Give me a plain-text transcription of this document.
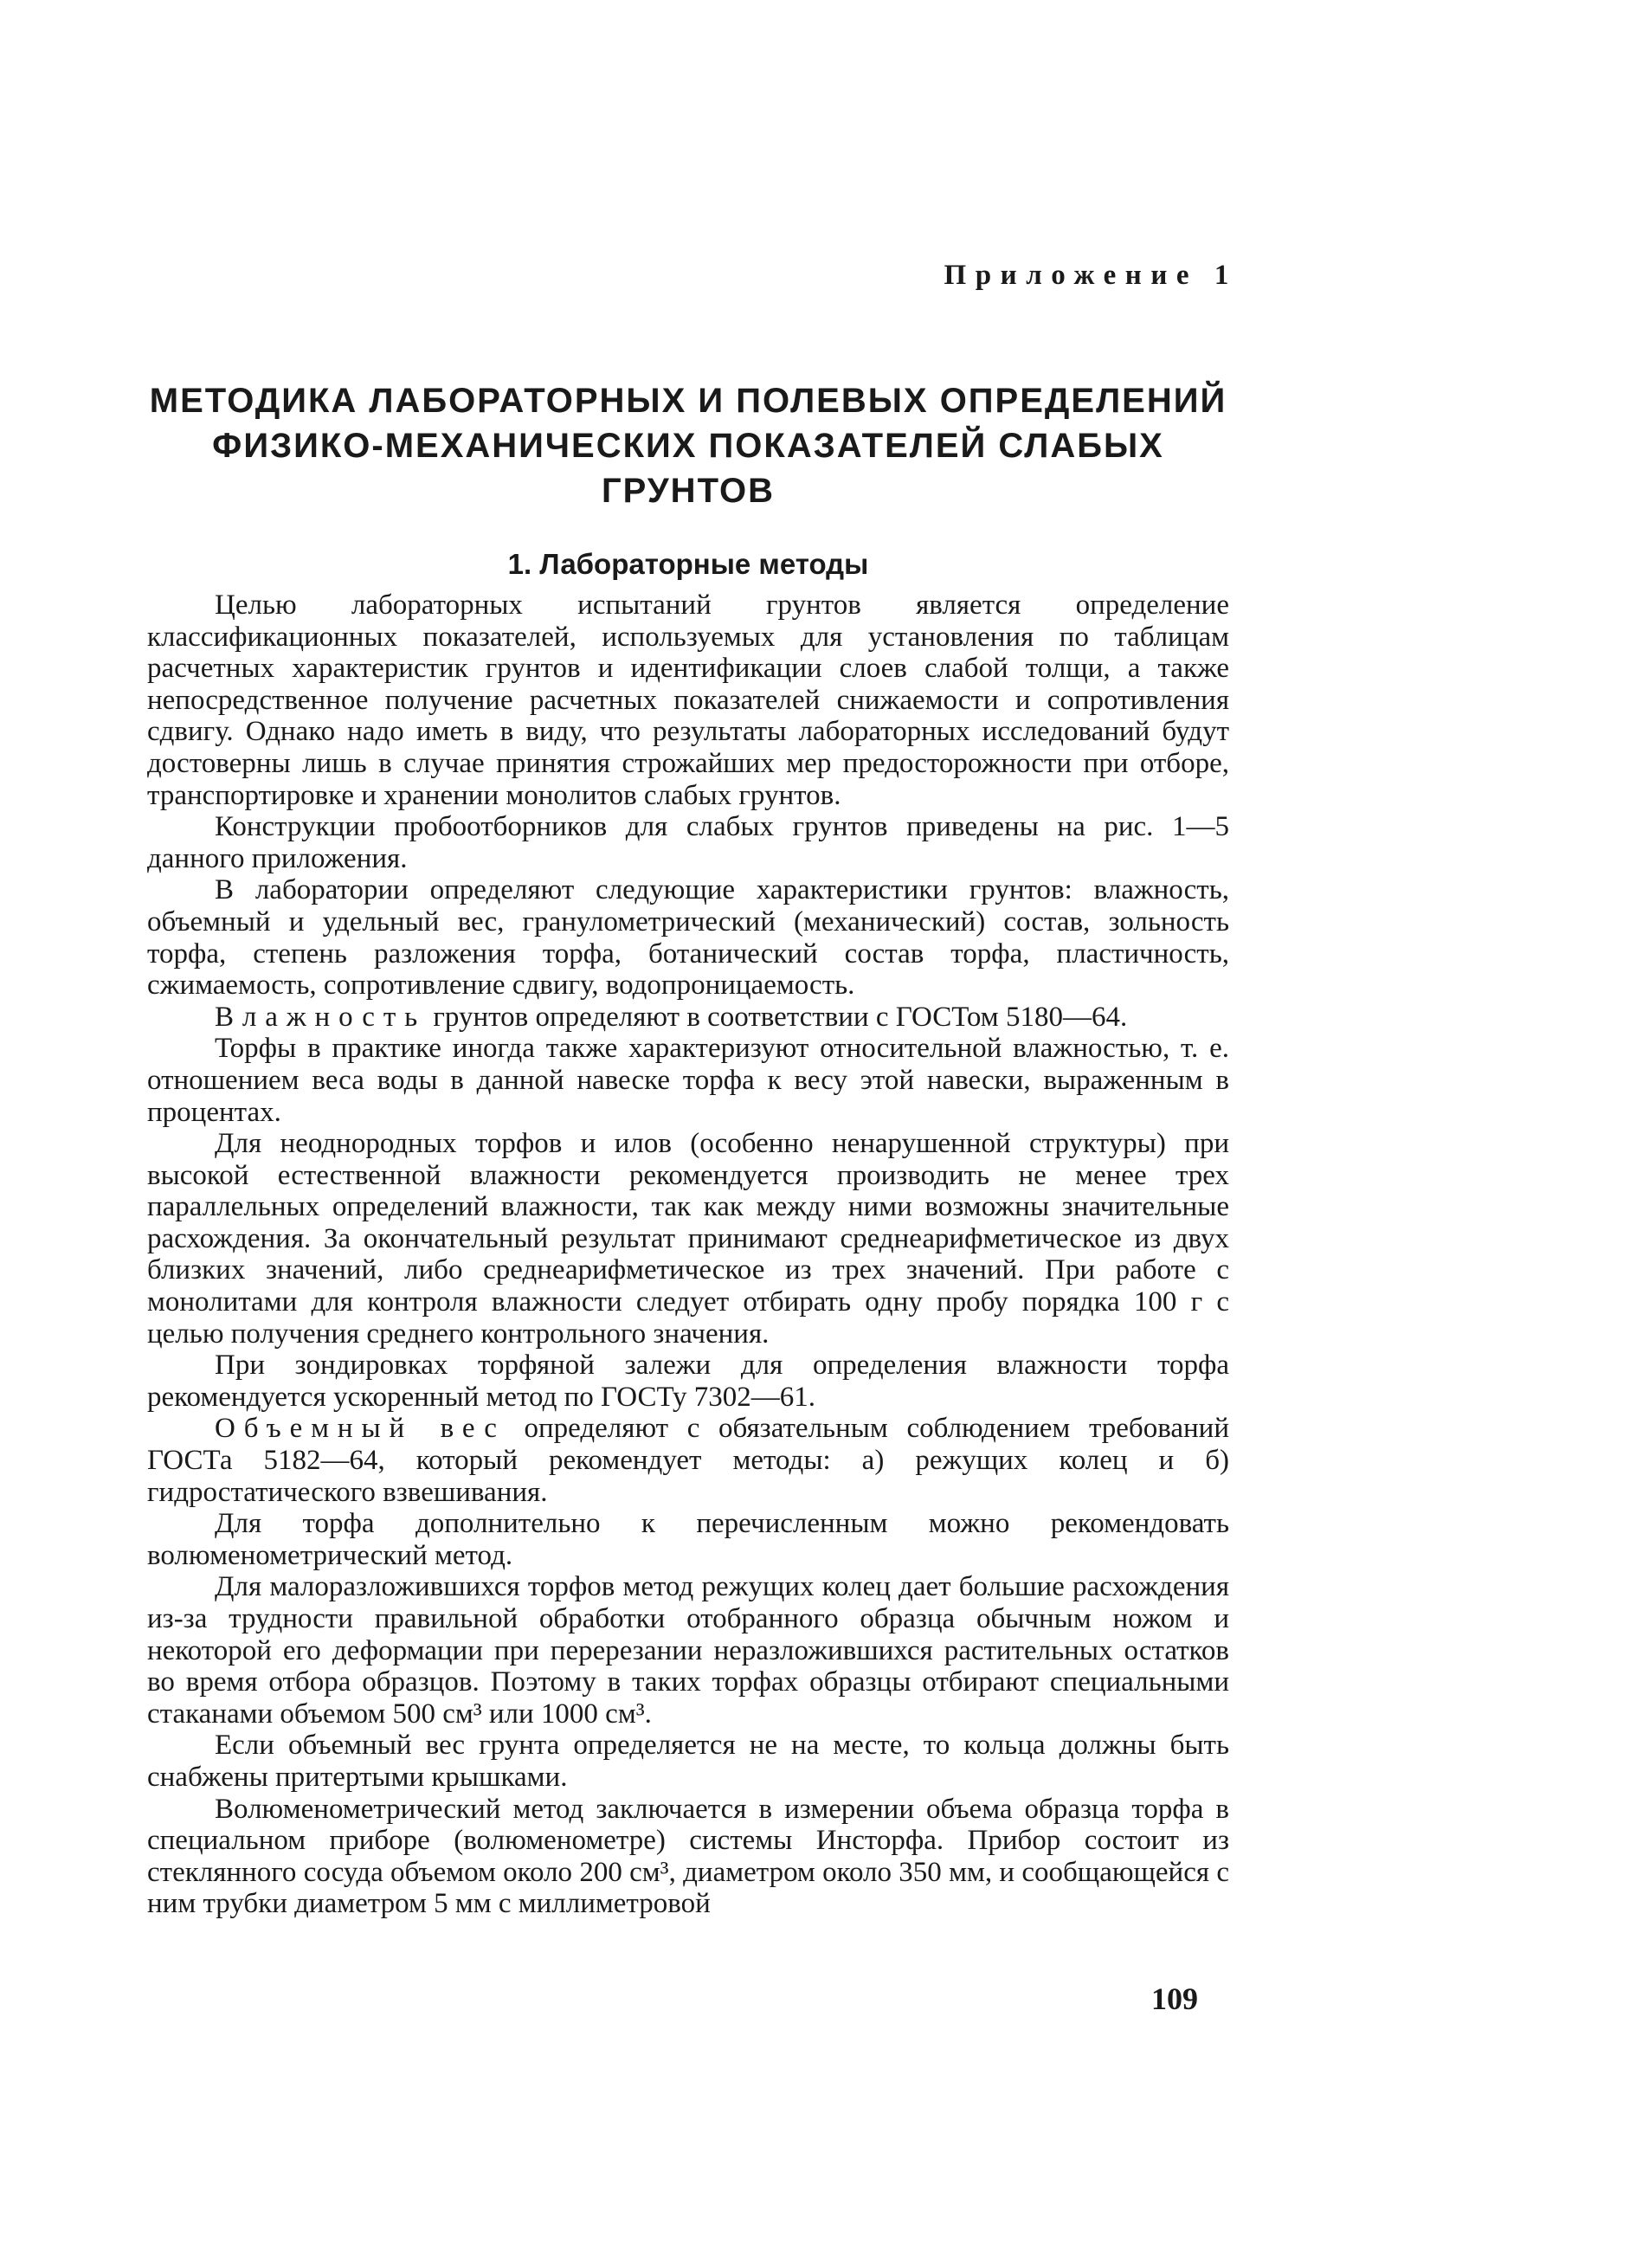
Приложение 1
МЕТОДИКА ЛАБОРАТОРНЫХ И ПОЛЕВЫХ ОПРЕДЕЛЕНИЙ
ФИЗИКО-МЕХАНИЧЕСКИХ ПОКАЗАТЕЛЕЙ СЛАБЫХ ГРУНТОВ
1. Лабораторные методы

Целью лабораторных испытаний грунтов является определение классификационных показателей, используемых для установления по таблицам расчетных характеристик грунтов и идентификации слоев слабой толщи, а также непосредственное получение расчетных показателей снижаемости и сопротивления сдвигу. Однако надо иметь в виду, что результаты лабораторных исследований будут достоверны лишь в случае принятия строжайших мер предосторожности при отборе, транспортировке и хранении монолитов слабых грунтов.

Конструкции пробоотборников для слабых грунтов приведены на рис. 1—5 данного приложения.

В лаборатории определяют следующие характеристики грунтов: влажность, объемный и удельный вес, гранулометрический (механический) состав, зольность торфа, степень разложения торфа, ботанический состав торфа, пластичность, сжимаемость, сопротивление сдвигу, водопроницаемость.

Влажность грунтов определяют в соответствии с ГОСТом 5180—64.

Торфы в практике иногда также характеризуют относительной влажностью, т. е. отношением веса воды в данной навеске торфа к весу этой навески, выраженным в процентах.

Для неоднородных торфов и илов (особенно ненарушенной структуры) при высокой естественной влажности рекомендуется производить не менее трех параллельных определений влажности, так как между ними возможны значительные расхождения. За окончательный результат принимают среднеарифметическое из двух близких значений, либо среднеарифметическое из трех значений. При работе с монолитами для контроля влажности следует отбирать одну пробу порядка 100 г с целью получения среднего контрольного значения.

При зондировках торфяной залежи для определения влажности торфа рекомендуется ускоренный метод по ГОСТу 7302—61.

Объемный вес определяют с обязательным соблюдением требований ГОСТа 5182—64, который рекомендует методы: а) режущих колец и б) гидростатического взвешивания.

Для торфа дополнительно к перечисленным можно рекомендовать волюменометрический метод.

Для малоразложившихся торфов метод режущих колец дает большие расхождения из-за трудности правильной обработки отобранного образца обычным ножом и некоторой его деформации при перерезании неразложившихся растительных остатков во время отбора образцов. Поэтому в таких торфах образцы отбирают специальными стаканами объемом 500 см³ или 1000 см³.

Если объемный вес грунта определяется не на месте, то кольца должны быть снабжены притертыми крышками.

Волюменометрический метод заключается в измерении объема образца торфа в специальном приборе (волюменометре) системы Инсторфа. Прибор состоит из стеклянного сосуда объемом около 200 см³, диаметром около 350 мм, и сообщающейся с ним трубки диаметром 5 мм с миллиметровой

109
